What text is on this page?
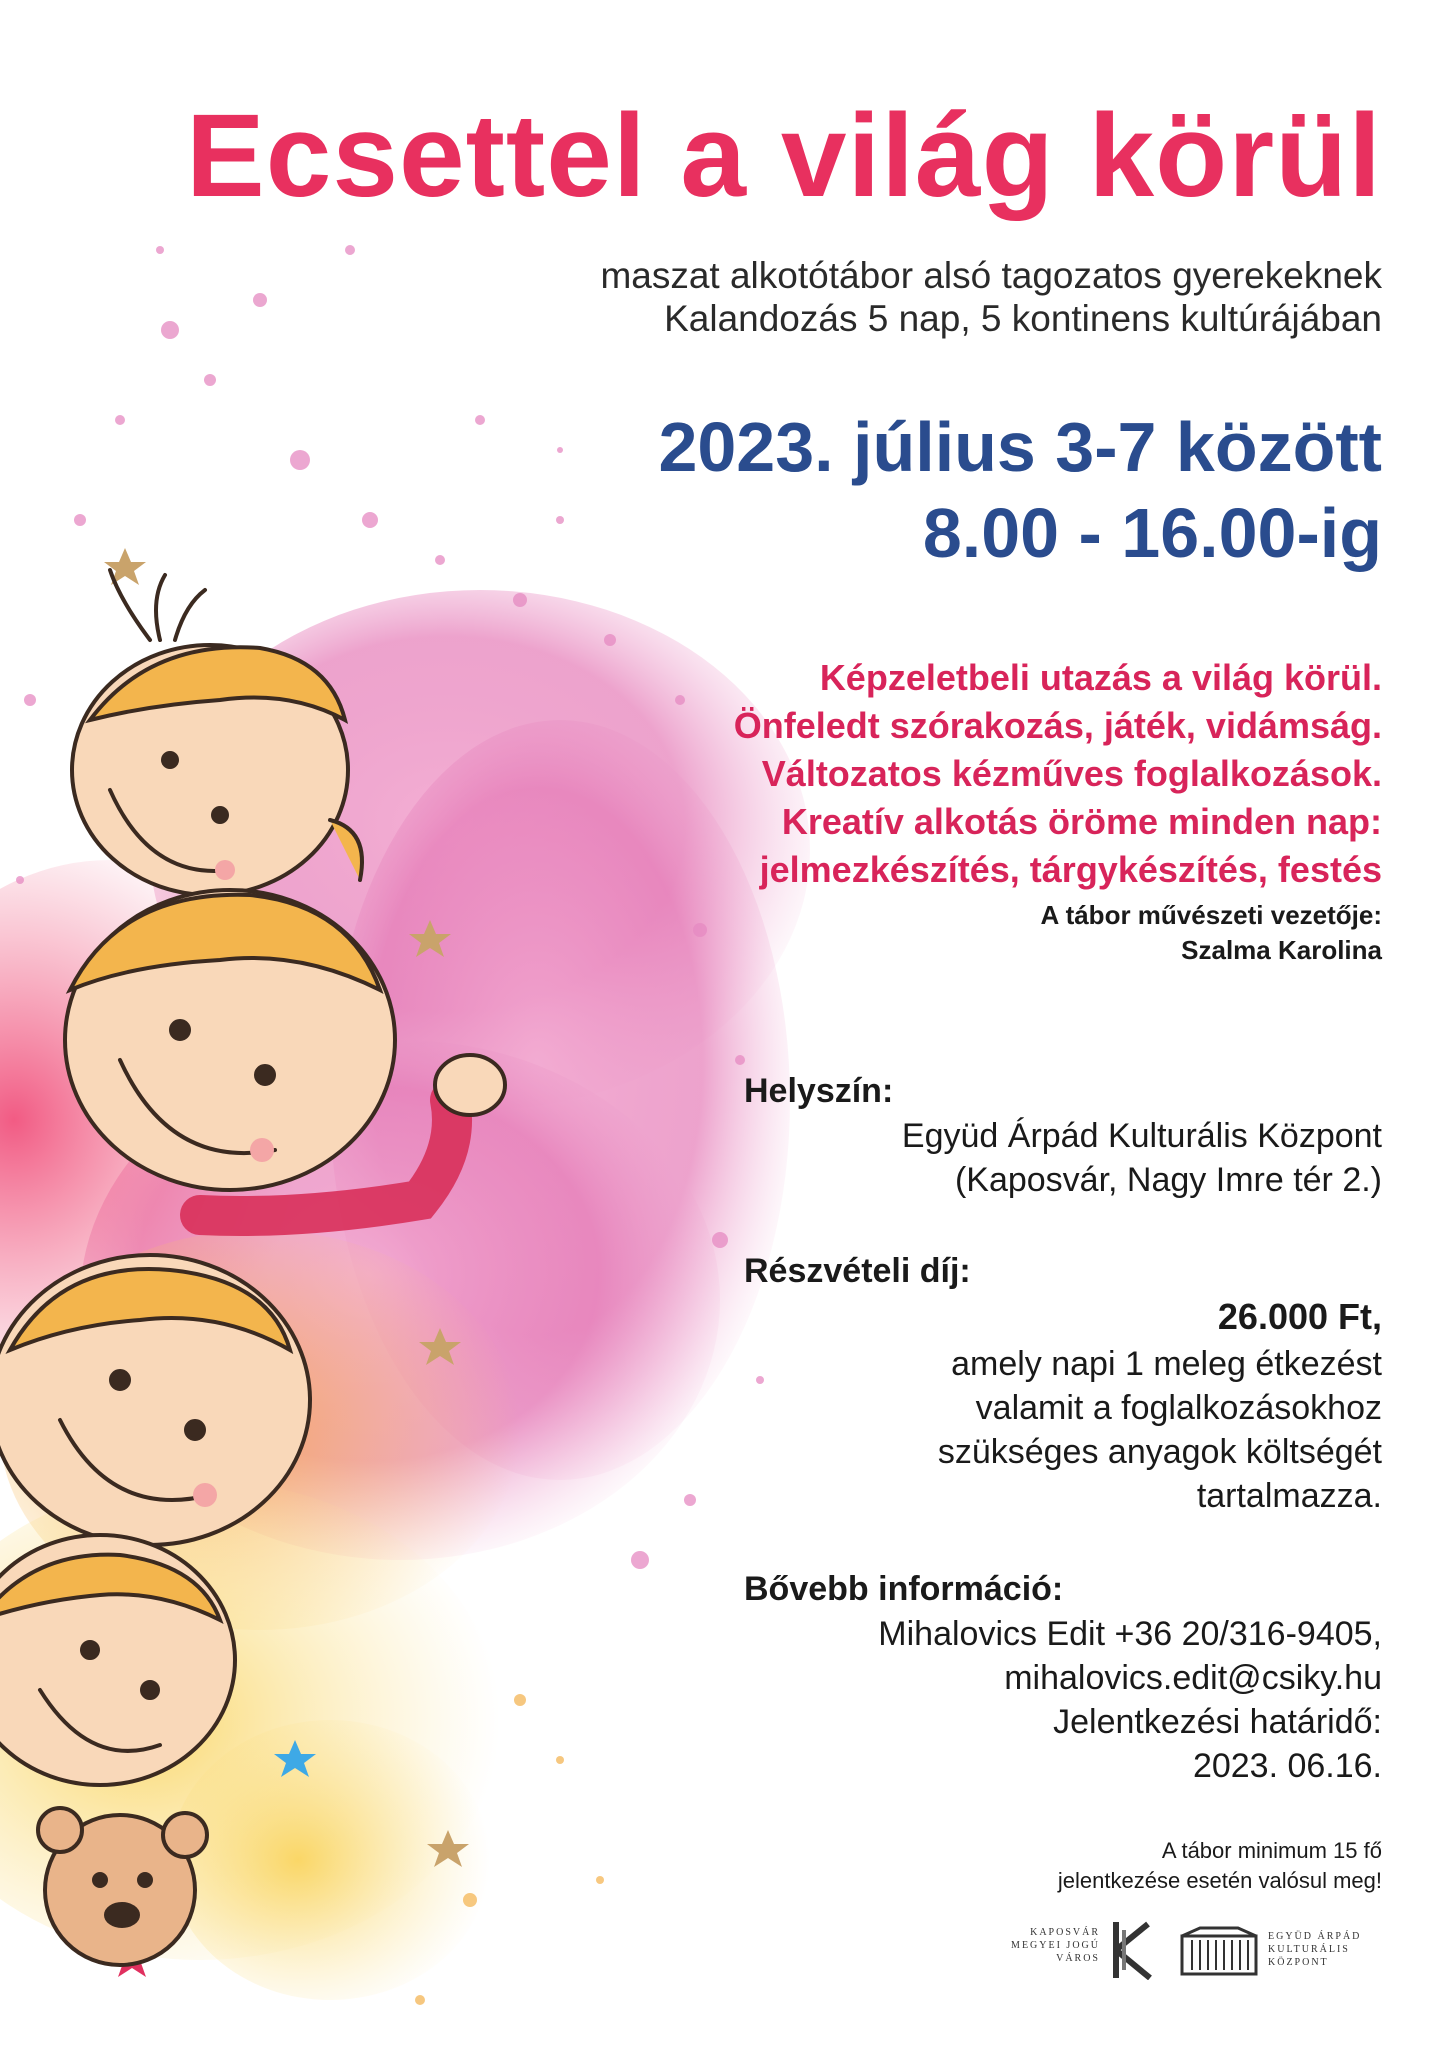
Ecsettel a világ körül

maszat alkotótábor alsó tagozatos gyerekeknek

Kalandozás 5 nap, 5 kontinens kultúrájában

2023. július 3-7 között

8.00 - 16.00-ig

Képzeletbeli utazás a világ körül.

Önfeledt szórakozás, játék, vidámság.

Változatos kézműves foglalkozások.

Kreatív alkotás öröme minden nap:

jelmezkészítés, tárgykészítés, festés

A tábor művészeti vezetője:

Szalma Karolina

Helyszín:

Együd Árpád Kulturális Központ

(Kaposvár, Nagy Imre tér 2.)

Részvételi díj:

26.000 Ft,

amely napi 1 meleg étkezést

valamit a foglalkozásokhoz

szükséges anyagok költségét

tartalmazza.

Bővebb információ:

Mihalovics Edit +36 20/316-9405,

mihalovics.edit@csiky.hu

Jelentkezési határidő:

2023. 06.16.

A tábor minimum 15 fő

jelentkezése esetén valósul meg!

KAPOSVÁR
MEGYEI JOGÚ
VÁROS
EGYÜD ÁRPÁD
KULTURÁLIS
KÖZPONT
